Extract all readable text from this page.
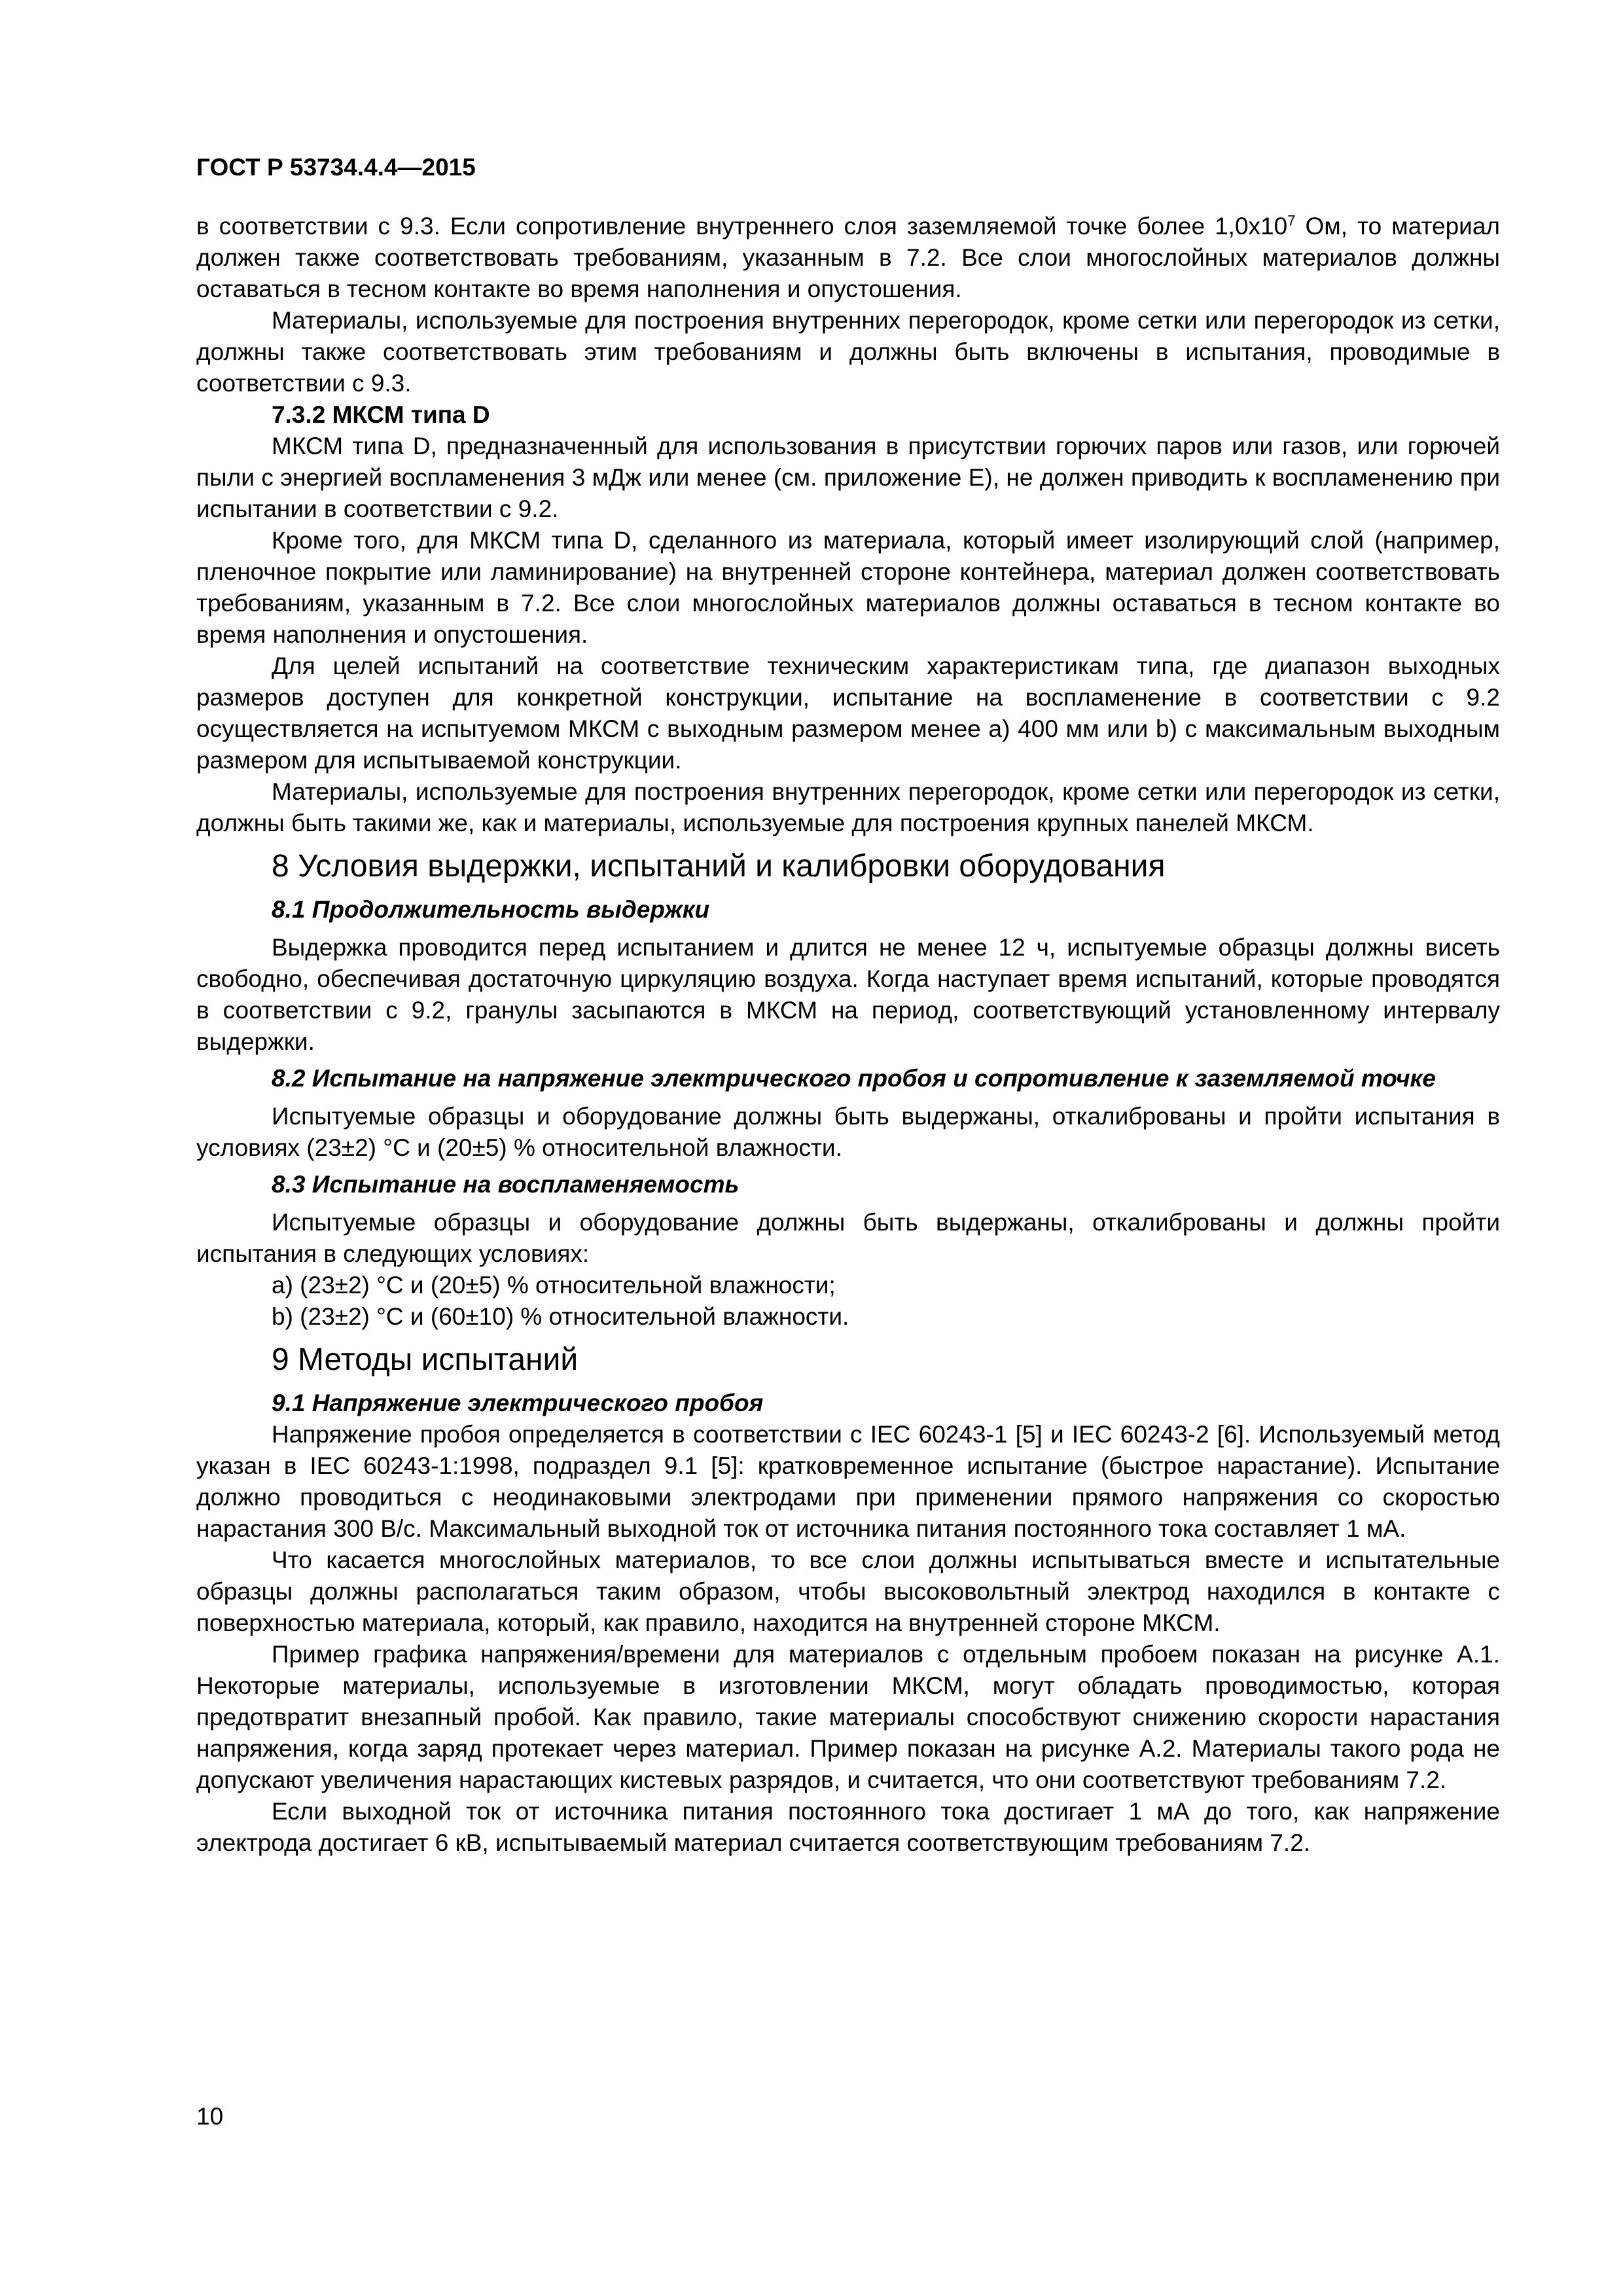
ГОСТ Р 53734.4.4—2015

в соответствии с 9.3. Если сопротивление внутреннего слоя заземляемой точке более $1,0х10^7$ Ом, то материал должен также соответствовать требованиям, указанным в 7.2. Все слои многослойных материалов должны оставаться в тесном контакте во время наполнения и опустошения.

Материалы, используемые для построения внутренних перегородок, кроме сетки или перегородок из сетки, должны также соответствовать этим требованиям и должны быть включены в испытания, проводимые в соответствии с 9.3.

7.3.2 МКСМ типа D

МКСМ типа D, предназначенный для использования в присутствии горючих паров или газов, или горючей пыли с энергией воспламенения 3 мДж или менее (см. приложение E), не должен приводить к воспламенению при испытании в соответствии с 9.2.

Кроме того, для МКСМ типа D, сделанного из материала, который имеет изолирующий слой (например, пленочное покрытие или ламинирование) на внутренней стороне контейнера, материал должен соответствовать требованиям, указанным в 7.2. Все слои многослойных материалов должны оставаться в тесном контакте во время наполнения и опустошения.

Для целей испытаний на соответствие техническим характеристикам типа, где диапазон выходных размеров доступен для конкретной конструкции, испытание на воспламенение в соответствии с 9.2 осуществляется на испытуемом МКСМ с выходным размером менее а) 400 мм или b) с максимальным выходным размером для испытываемой конструкции.

Материалы, используемые для построения внутренних перегородок, кроме сетки или перегородок из сетки, должны быть такими же, как и материалы, используемые для построения крупных панелей МКСМ.

8 Условия выдержки, испытаний и калибровки оборудования
8.1 Продолжительность выдержки

Выдержка проводится перед испытанием и длится не менее 12 ч, испытуемые образцы должны висеть свободно, обеспечивая достаточную циркуляцию воздуха. Когда наступает время испытаний, которые проводятся в соответствии с 9.2, гранулы засыпаются в МКСМ на период, соответствующий установленному интервалу выдержки.

8.2 Испытание на напряжение электрического пробоя и сопротивление к заземляемой точке

Испытуемые образцы и оборудование должны быть выдержаны, откалиброваны и пройти испытания в условиях (23±2) °С и (20±5) % относительной влажности.

8.3 Испытание на воспламеняемость

Испытуемые образцы и оборудование должны быть выдержаны, откалиброваны и должны пройти испытания в следующих условиях:

а) (23±2) °С и (20±5) % относительной влажности;
b) (23±2) °С и (60±10) % относительной влажности.
9 Методы испытаний
9.1 Напряжение электрического пробоя

Напряжение пробоя определяется в соответствии с IEC 60243-1 [5] и IEC 60243-2 [6]. Используемый метод указан в IEC 60243-1:1998, подраздел 9.1 [5]: кратковременное испытание (быстрое нарастание). Испытание должно проводиться с неодинаковыми электродами при применении прямого напряжения со скоростью нарастания 300 В/с. Максимальный выходной ток от источника питания постоянного тока составляет 1 мА.

Что касается многослойных материалов, то все слои должны испытываться вместе и испытательные образцы должны располагаться таким образом, чтобы высоковольтный электрод находился в контакте с поверхностью материала, который, как правило, находится на внутренней стороне МКСМ.

Пример графика напряжения/времени для материалов с отдельным пробоем показан на рисунке А.1. Некоторые материалы, используемые в изготовлении МКСМ, могут обладать проводимостью, которая предотвратит внезапный пробой. Как правило, такие материалы способствуют снижению скорости нарастания напряжения, когда заряд протекает через материал. Пример показан на рисунке А.2. Материалы такого рода не допускают увеличения нарастающих кистевых разрядов, и считается, что они соответствуют требованиям 7.2.

Если выходной ток от источника питания постоянного тока достигает 1 мА до того, как напряжение электрода достигает 6 кВ, испытываемый материал считается соответствующим требованиям 7.2.

10
